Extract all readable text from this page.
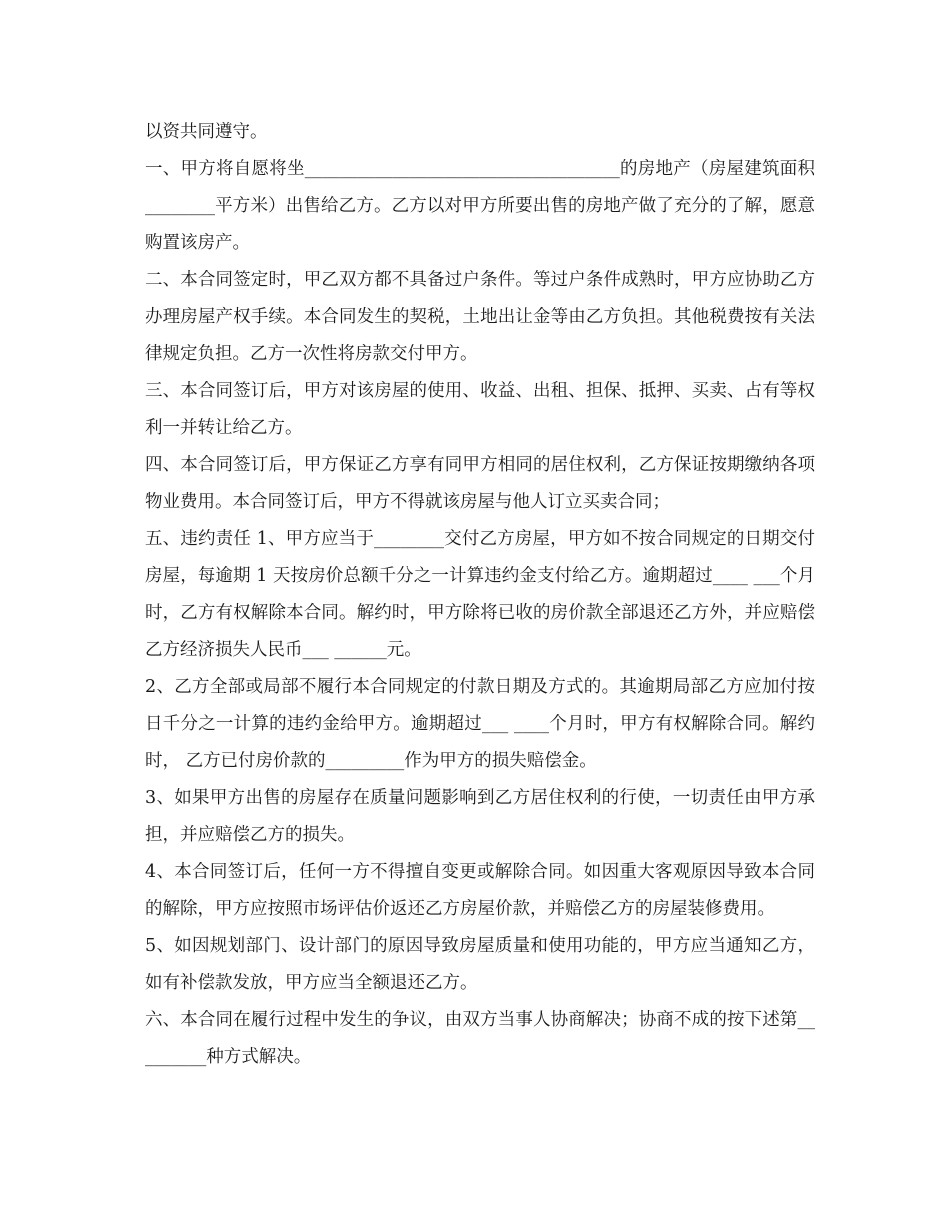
以资共同遵守。

一、甲方将自愿将坐____________________________________的房地产（房屋建筑面积________平方米）出售给乙方。乙方以对甲方所要出售的房地产做了充分的了解，愿意购置该房产。

二、本合同签定时，甲乙双方都不具备过户条件。等过户条件成熟时，甲方应协助乙方办理房屋产权手续。本合同发生的契税，土地出让金等由乙方负担。其他税费按有关法律规定负担。乙方一次性将房款交付甲方。

三、本合同签订后，甲方对该房屋的使用、收益、出租、担保、抵押、买卖、占有等权利一并转让给乙方。

四、本合同签订后，甲方保证乙方享有同甲方相同的居住权利，乙方保证按期缴纳各项物业费用。本合同签订后，甲方不得就该房屋与他人订立买卖合同；

五、违约责任 1、甲方应当于________交付乙方房屋，甲方如不按合同规定的日期交付房屋，每逾期 1 天按房价总额千分之一计算违约金支付给乙方。逾期超过____ ___个月时，乙方有权解除本合同。解约时，甲方除将已收的房价款全部退还乙方外，并应赔偿乙方经济损失人民币___ ______元。

2、乙方全部或局部不履行本合同规定的付款日期及方式的。其逾期局部乙方应加付按日千分之一计算的违约金给甲方。逾期超过___ ____个月时，甲方有权解除合同。解约时， 乙方已付房价款的_________作为甲方的损失赔偿金。

3、如果甲方出售的房屋存在质量问题影响到乙方居住权利的行使，一切责任由甲方承担，并应赔偿乙方的损失。

4、本合同签订后，任何一方不得擅自变更或解除合同。如因重大客观原因导致本合同的解除，甲方应按照市场评估价返还乙方房屋价款，并赔偿乙方的房屋装修费用。

5、如因规划部门、设计部门的原因导致房屋质量和使用功能的，甲方应当通知乙方，如有补偿款发放，甲方应当全额退还乙方。

六、本合同在履行过程中发生的争议，由双方当事人协商解决；协商不成的按下述第_________种方式解决。
